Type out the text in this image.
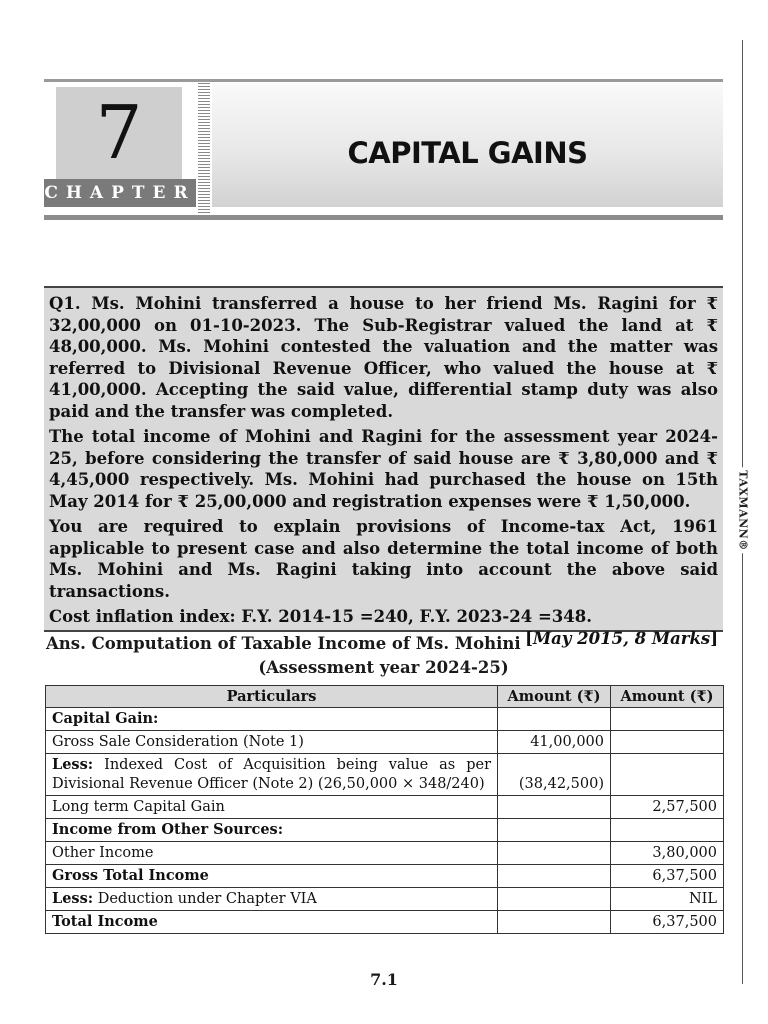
TAXMANN®
7
CHAPTER
CAPITAL GAINS

Q1. Ms. Mohini transferred a house to her friend Ms. Ragini for ₹ 32,00,000 on 01-10-2023. The Sub-Registrar valued the land at ₹ 48,00,000. Ms. Mohini contested the valuation and the matter was referred to Divisional Revenue Officer, who valued the house at ₹ 41,00,000. Accepting the said value, differential stamp duty was also paid and the transfer was completed.

The total income of Mohini and Ragini for the assessment year 2024-25, before considering the transfer of said house are ₹ 3,80,000 and ₹ 4,45,000 respectively. Ms. Mohini had purchased the house on 15th May 2014 for ₹ 25,00,000 and registration expenses were ₹ 1,50,000.

You are required to explain provisions of Income-tax Act, 1961 applicable to present case and also determine the total income of both Ms. Mohini and Ms. Ragini taking into account the above said transactions.

Cost inflation index: F.Y. 2014-15 =240, F.Y. 2023-24 =348.

[May 2015, 8 Marks]
Ans. Computation of Taxable Income of Ms. Mohini
(Assessment year 2024-25)
Particulars	Amount (₹)	Amount (₹)
Capital Gain:		
Gross Sale Consideration (Note 1)	41,00,000	
Less: Indexed Cost of Acquisition being value as per Divisional Revenue Officer (Note 2) (26,50,000 × 348/240)	(38,42,500)	
Long term Capital Gain		2,57,500
Income from Other Sources:		
Other Income		3,80,000
Gross Total Income		6,37,500
Less: Deduction under Chapter VIA		NIL
Total Income		6,37,500
7.1
